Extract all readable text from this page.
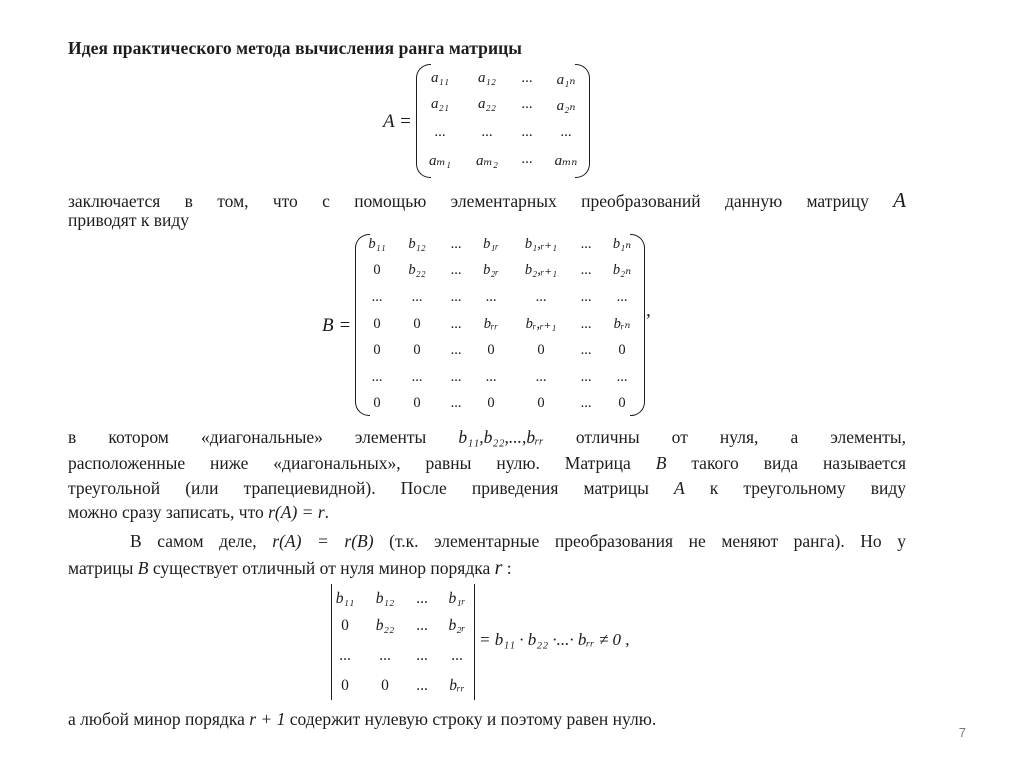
Идея практического метода вычисления ранга матрицы
A =
a₁₁ a₁₂ ... a₁ₙ
a₂₁ a₂₂ ... a₂ₙ
... ... ... ...
aₘ₁ aₘ₂ ... aₘₙ
заключается в том, что с помощью элементарных преобразований данную матрицу A
приводят к виду
B =
,
b₁₁ b₁₂ ... b₁ᵣ b₁,ᵣ₊₁ ... b₁ₙ
0 b₂₂ ... b₂ᵣ b₂,ᵣ₊₁ ... b₂ₙ
... ... ... ...	... ... ...
0 0 ... bᵣᵣ bᵣ,ᵣ₊₁ ... bᵣₙ
0 0 ... 0	0 ... 0
... ... ... ...	... ... ...
0 0 ... 0	0 ... 0
в котором «диагональные» элементы b₁₁,b₂₂,...,bᵣᵣ отличны от нуля, а элементы,
расположенные ниже «диагональных», равны нулю. Матрица B такого вида называется
треугольной (или трапециевидной). После приведения матрицы A к треугольному виду
можно сразу записать, что r(A) = r.
В самом деле, r(A) = r(B) (т.к. элементарные преобразования не меняют ранга). Но у
матрицы B существует отличный от нуля минор порядка r :
b₁₁ b₁₂ ... b₁ᵣ
0 b₂₂ ... b₂ᵣ
... ... ... ...
0 0 ... bᵣᵣ
= b₁₁ · b₂₂ ·...· bᵣᵣ ≠ 0 ,
а любой минор порядка r + 1 содержит нулевую строку и поэтому равен нулю.
7
